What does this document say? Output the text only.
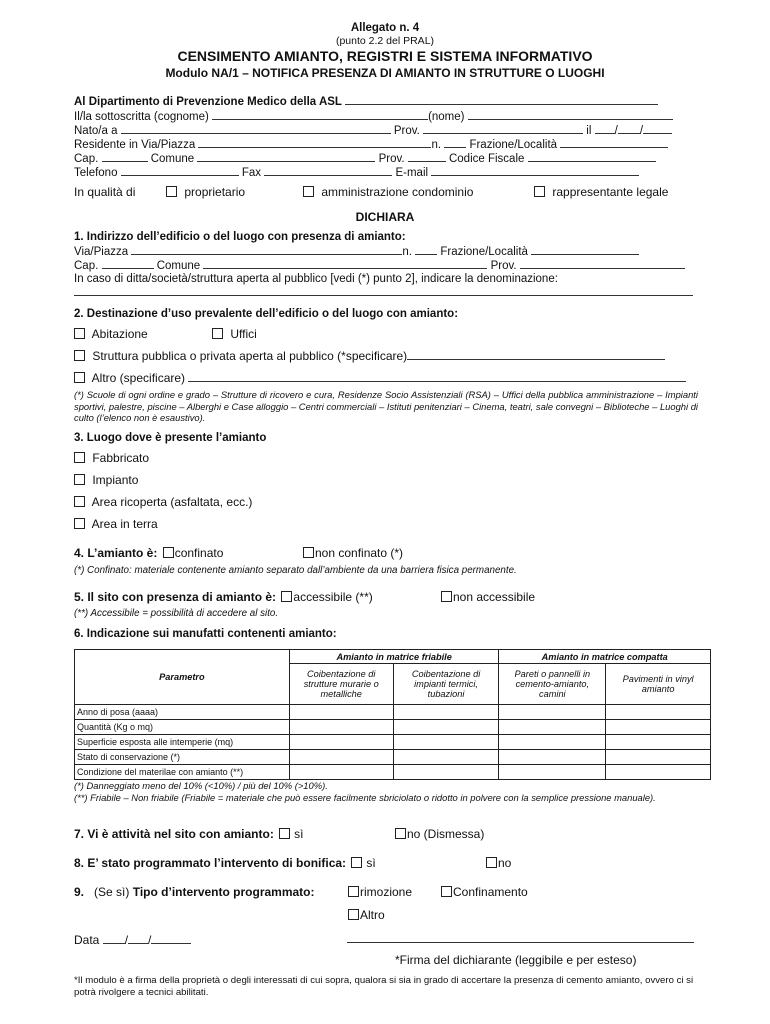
Allegato n. 4
(punto 2.2 del PRAL)
CENSIMENTO AMIANTO, REGISTRI E SISTEMA INFORMATIVO
Modulo NA/1 – NOTIFICA PRESENZA DI AMIANTO IN STRUTTURE O LUOGHI
Al Dipartimento di Prevenzione Medico della ASL
Il/la sottoscritta (cognome)	(nome)
Nato/a a	Prov.	il / /
Residente in Via/Piazza	n. Frazione/Località
Cap.	Comune	Prov.	Codice Fiscale
Telefono	Fax	E-mail
In qualità di	proprietario	amministrazione condominio	rappresentante legale
DICHIARA
1. Indirizzo dell’edificio o del luogo con presenza di amianto:
Via/Piazza	n. Frazione/Località
Cap.	Comune	Prov.
In caso di ditta/società/struttura aperta al pubblico [vedi (*) punto 2], indicare la denominazione:
2. Destinazione d’uso prevalente dell’edificio o del luogo con amianto:
Abitazione	Uffici
Struttura pubblica o privata aperta al pubblico (*specificare)
Altro (specificare)
(*) Scuole di ogni ordine e grado – Strutture di ricovero e cura, Residenze Socio Assistenziali (RSA) – Uffici della pubblica amministrazione – Impianti sportivi, palestre, piscine – Alberghi e Case alloggio – Centri commerciali – Istituti penitenziari – Cinema, teatri, sale convegni – Biblioteche – Luoghi di culto (l’elenco non è esaustivo).
3. Luogo dove è presente l’amianto
Fabbricato
Impianto
Area ricoperta (asfaltata, ecc.)
Area in terra
4. L’amianto è: confinato	non confinato (*)
(*) Confinato: materiale contenente amianto separato dall’ambiente da una barriera fisica permanente.
5. Il sito con presenza di amianto è: accessibile (**)	non accessibile
(**) Accessibile = possibilità di accedere al sito.
6. Indicazione sui manufatti contenenti amianto:
Parametro	Amianto in matrice friabile		Amianto in matrice compatta	
	Coibentazione di strutture murarie o metalliche	Coibentazione di impianti termici, tubazioni	Pareti o pannelli in cemento-amianto, camini	Pavimenti in vinyl amianto
Anno di posa (aaaa)				
Quantità (Kg o mq)				
Superficie esposta alle intemperie (mq)				
Stato di conservazione (*)				
Condizione del materilae con amianto (**)				
(*) Danneggiato meno del 10% (<10%) / più del 10% (>10%).
(**) Friabile – Non friabile (Friabile = materiale che può essere facilmente sbriciolato o ridotto in polvere con la semplice pressione manuale).
7. Vi è attività nel sito con amianto: sì	no (Dismessa)
8. E’ stato programmato l’intervento di bonifica: sì	no
9. (Se sì) Tipo d’intervento programmato:	rimozione	Confinamento
Altro
Data / /
*Firma del dichiarante (leggibile e per esteso)
*Il modulo è a firma della proprietà o degli interessati di cui sopra, qualora si sia in grado di accertare la presenza di cemento amianto, ovvero ci si potrà rivolgere a tecnici abilitati.
